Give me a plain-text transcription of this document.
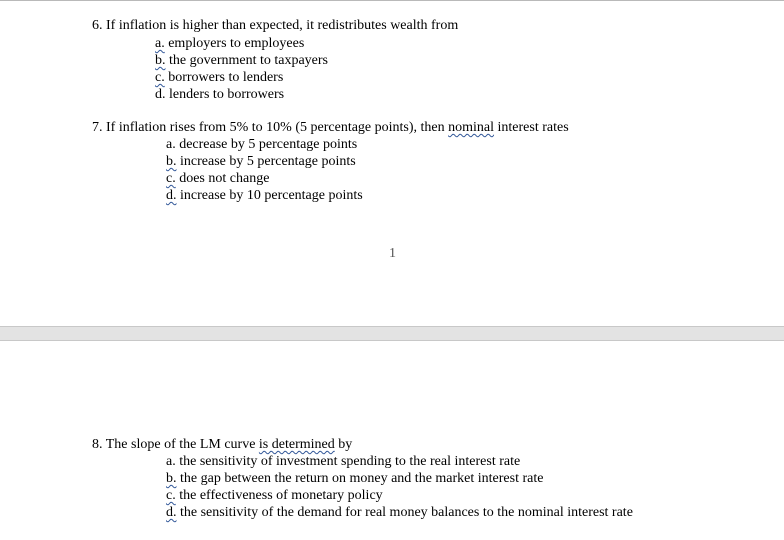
6. If inflation is higher than expected, it redistributes wealth from
a. employers to employees
b. the government to taxpayers
c. borrowers to lenders
d. lenders to borrowers
7. If inflation rises from 5% to 10% (5 percentage points), then nominal interest rates
a. decrease by 5 percentage points
b. increase by 5 percentage points
c. does not change
d. increase by 10 percentage points
1
8. The slope of the LM curve is determined by
a. the sensitivity of investment spending to the real interest rate
b. the gap between the return on money and the market interest rate
c. the effectiveness of monetary policy
d. the sensitivity of the demand for real money balances to the nominal interest rate
